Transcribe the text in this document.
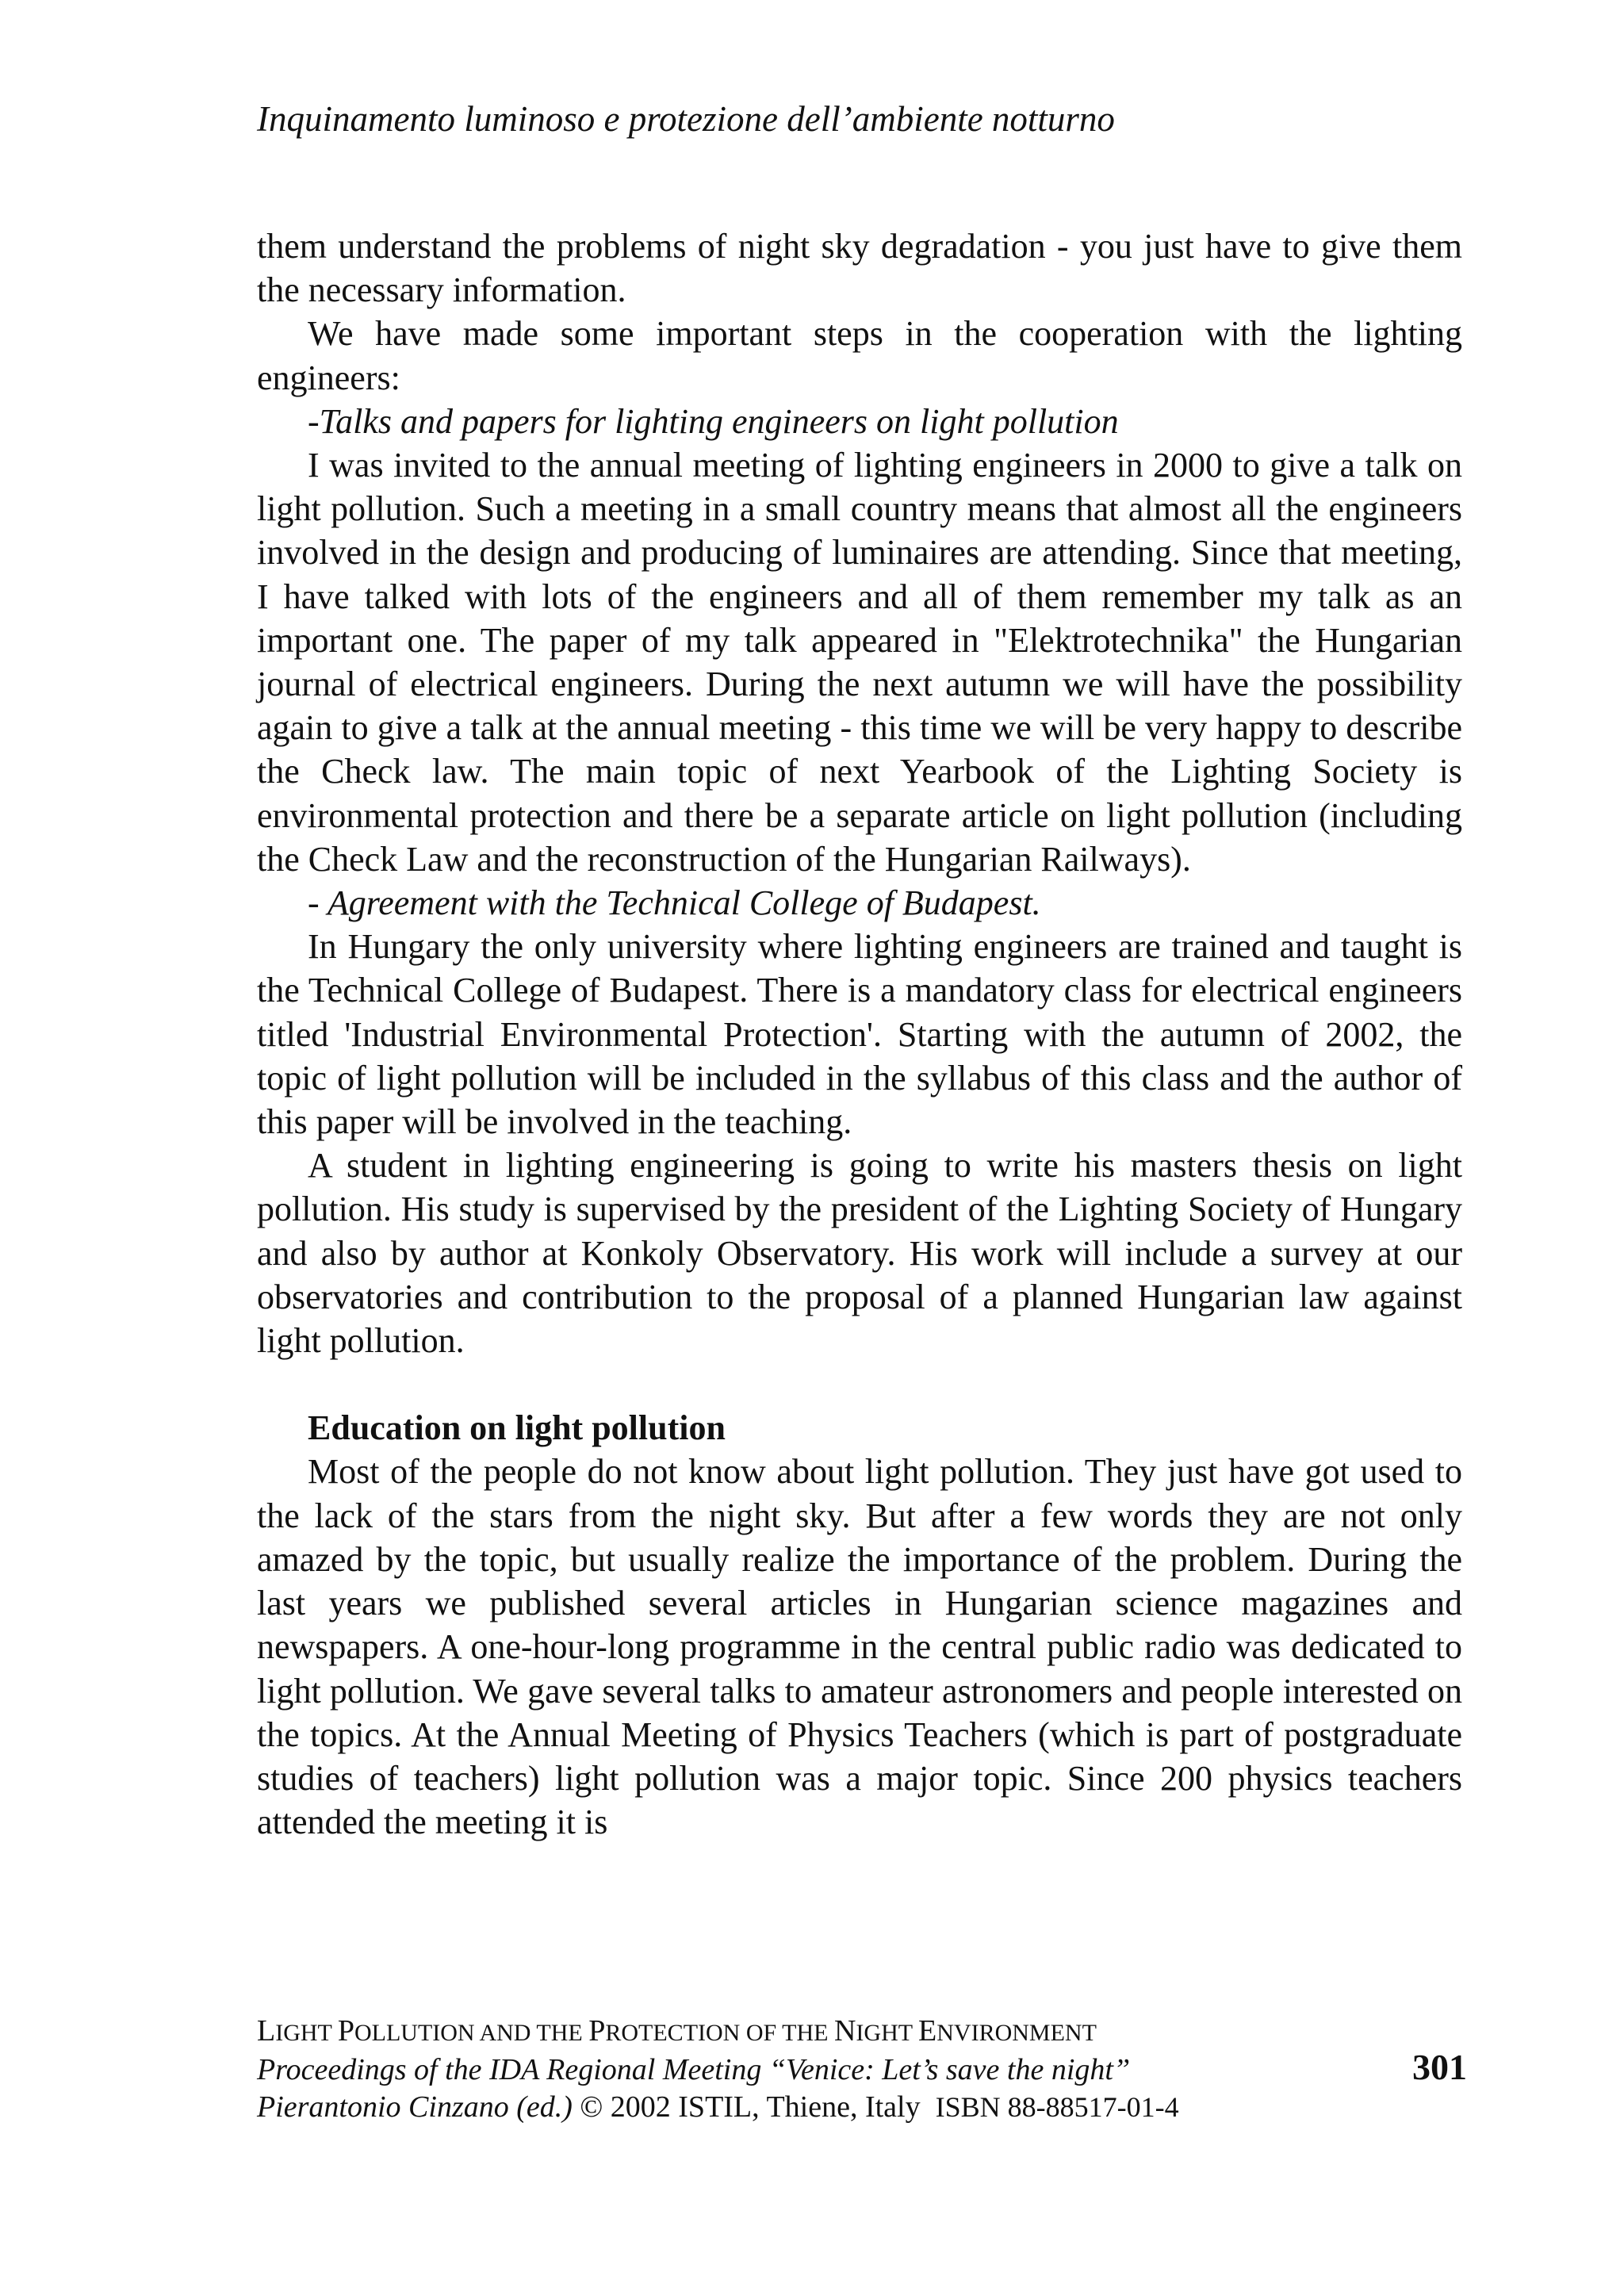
Inquinamento luminoso e protezione dell’ambiente notturno

them understand the problems of night sky degradation - you just have to give them the necessary information.

We have made some important steps in the cooperation with the lighting engineers:

-Talks and papers for lighting engineers on light pollution

I was invited to the annual meeting of lighting engineers in 2000 to give a talk on light pollution. Such a meeting in a small country means that almost all the engineers involved in the design and producing of luminaires are attending. Since that meeting, I have talked with lots of the engineers and all of them remember my talk as an important one. The paper of my talk appeared in "Elektrotechnika" the Hungarian journal of electrical engineers. During the next autumn we will have the possibility again to give a talk at the annual meeting - this time we will be very happy to describe the Check law. The main topic of next Yearbook of the Lighting Society is environmental protection and there be a separate article on light pollution (including the Check Law and the reconstruction of the Hungarian Railways).

- Agreement with the Technical College of Budapest.

In Hungary the only university where lighting engineers are trained and taught is the Technical College of Budapest. There is a mandatory class for electrical engineers titled 'Industrial Environmental Protection'. Starting with the autumn of 2002, the topic of light pollution will be included in the syllabus of this class and the author of this paper will be involved in the teaching.

A student in lighting engineering is going to write his masters thesis on light pollution. His study is supervised by the president of the Lighting Society of Hungary and also by author at Konkoly Observatory. His work will include a survey at our observatories and contribution to the proposal of a planned Hungarian law against light pollution.

Education on light pollution

Most of the people do not know about light pollution. They just have got used to the lack of the stars from the night sky. But after a few words they are not only amazed by the topic, but usually realize the importance of the problem. During the last years we published several articles in Hungarian science magazines and newspapers. A one-hour-long programme in the central public radio was dedicated to light pollution. We gave several talks to amateur astronomers and people interested on the topics. At the Annual Meeting of Physics Teachers (which is part of postgraduate studies of teachers) light pollution was a major topic. Since 200 physics teachers attended the meeting it is

LIGHT POLLUTION AND THE PROTECTION OF THE NIGHT ENVIRONMENT
Proceedings of the IDA Regional Meeting “Venice: Let’s save the night”
Pierantonio Cinzano (ed.) © 2002 ISTIL, Thiene, Italy ISBN 88-88517-01-4
301
